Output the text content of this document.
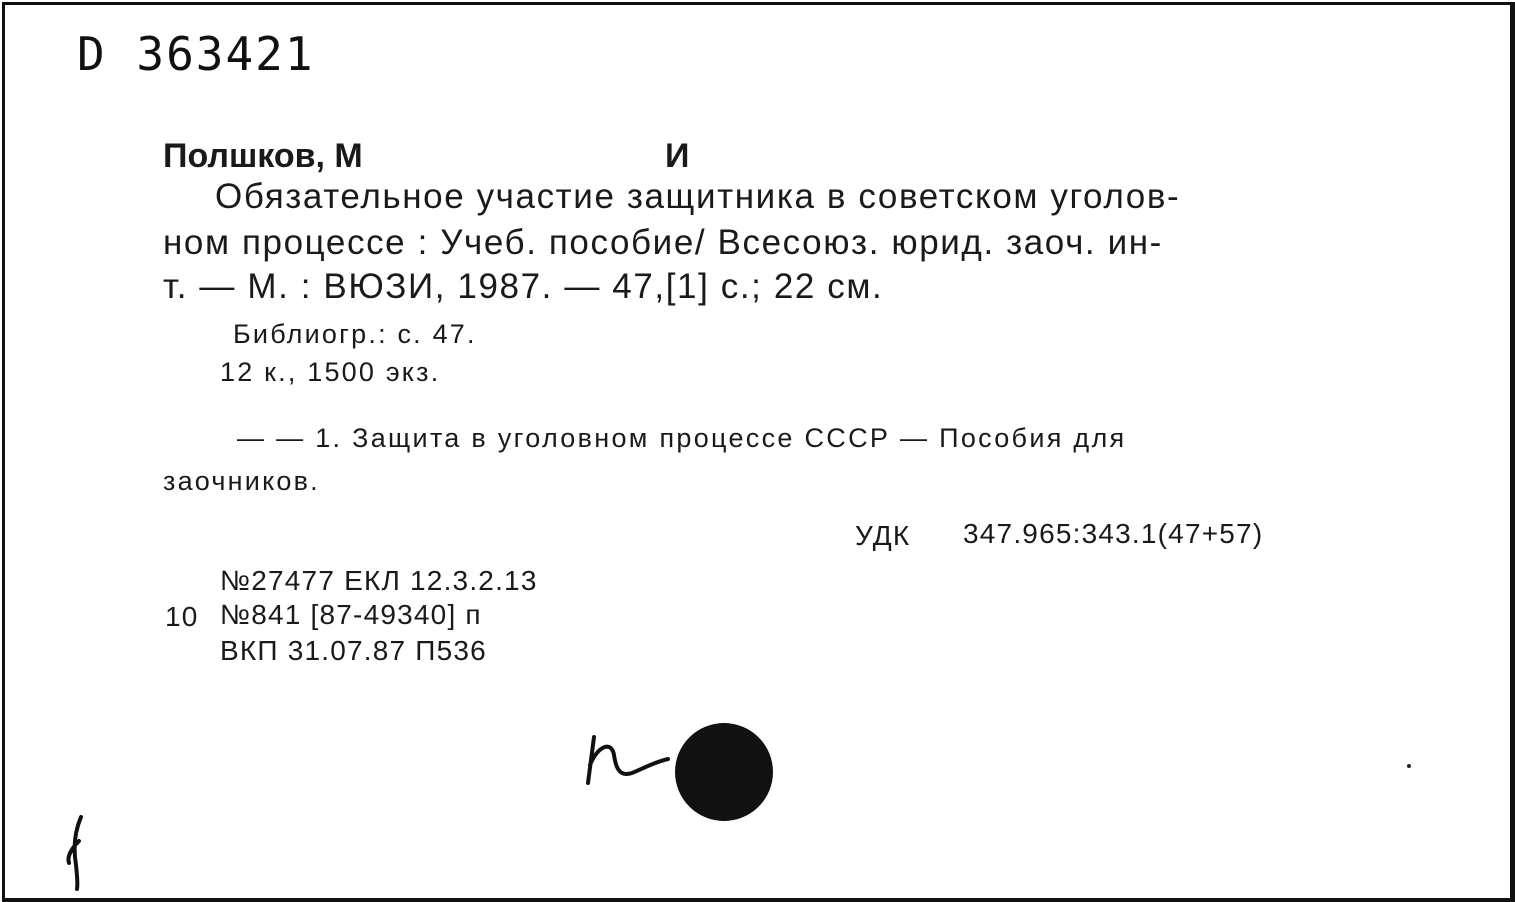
D 363421
Полшков, М	И
Обязательное участие защитника в советском уголов-
ном процессе : Учеб. пособие/ Всесоюз. юрид. заоч. ин-
т. — М. : ВЮЗИ, 1987. — 47,[1] с.; 22 см.
Библиогр.: с. 47.
12 к., 1500 экз.
— — 1. Защита в уголовном процессе СССР — Пособия для
заочников.
УДК 347.965:343.1(47+57)
№27477 ЕКЛ 12.3.2.13
10 №841 [87-49340] п
ВКП 31.07.87 П536
